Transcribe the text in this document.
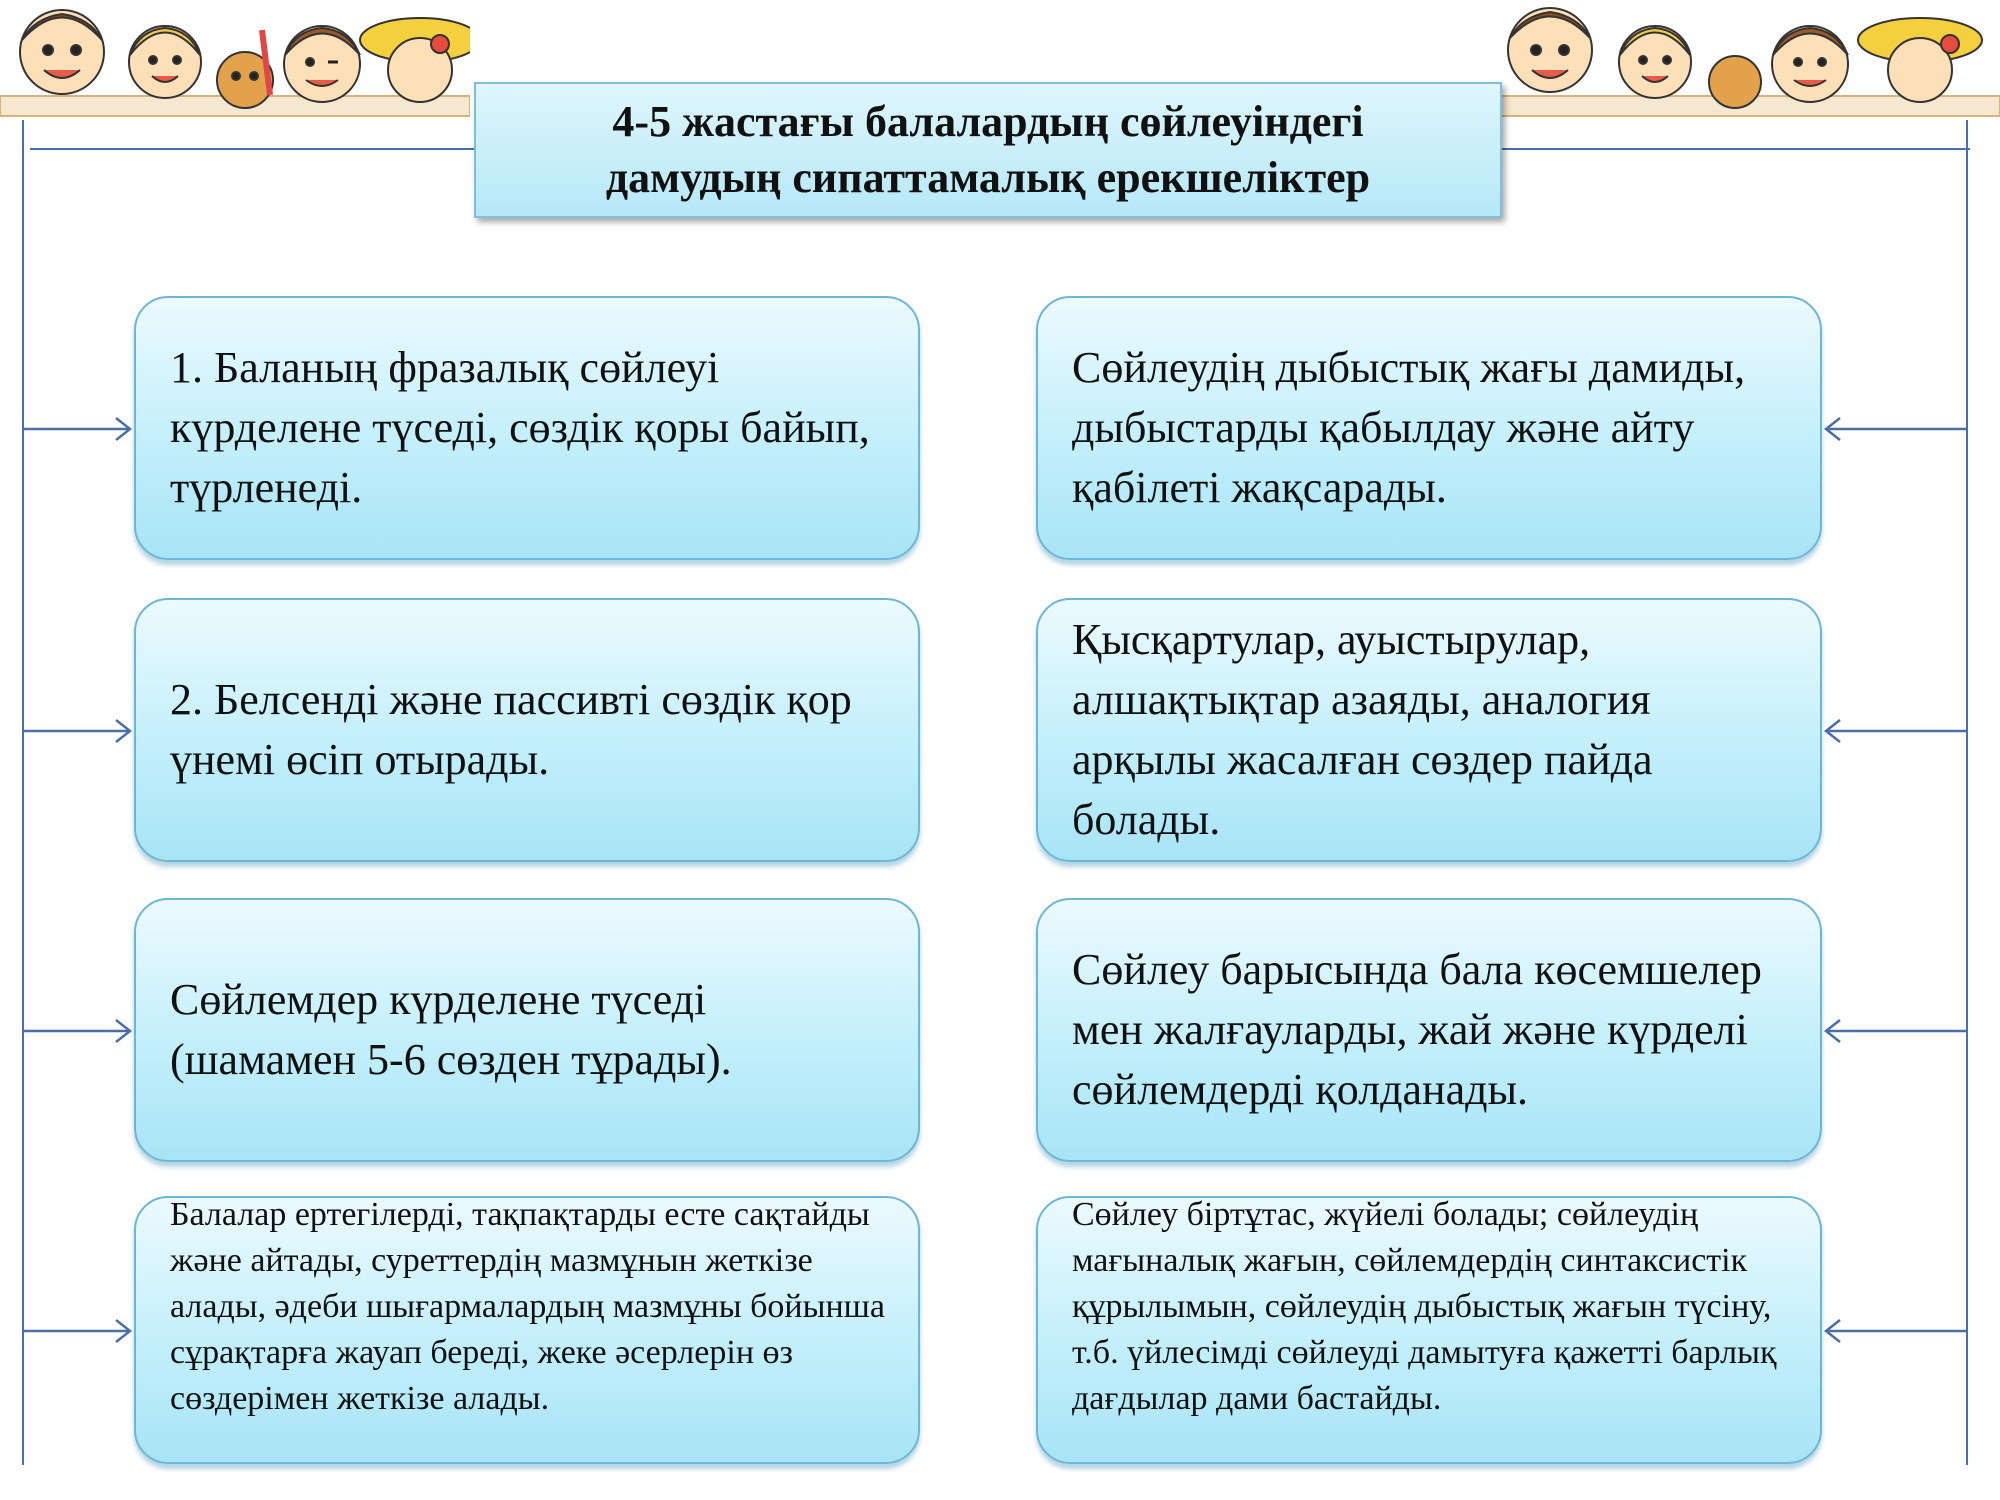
4-5 жастағы балалардың сөйлеуіндегі
дамудың сипаттамалық ерекшеліктер
1. Баланың фразалық сөйлеуі күрделене түседі, сөздік қоры байып, түрленеді.
2. Белсенді және пассивті сөздік қор үнемі өсіп отырады.
Сөйлемдер күрделене түседі (шамамен 5-6 сөзден тұрады).
Балалар ертегілерді, тақпақтарды есте сақтайды және айтады, суреттердің мазмұнын жеткізе алады, әдеби шығармалардың мазмұны бойынша сұрақтарға жауап береді, жеке әсерлерін өз сөздерімен жеткізе алады.
Сөйлеудің дыбыстық жағы дамиды, дыбыстарды қабылдау және айту қабілеті жақсарады.
Қысқартулар, ауыстырулар, алшақтықтар азаяды, аналогия арқылы жасалған сөздер пайда болады.
Сөйлеу барысында бала көсемшелер мен жалғауларды, жай және күрделі сөйлемдерді қолданады.
Сөйлеу біртұтас, жүйелі болады; сөйлеудің мағыналық жағын, сөйлемдердің синтаксистік құрылымын, сөйлеудің дыбыстық жағын түсіну, т.б. үйлесімді сөйлеуді дамытуға қажетті барлық дағдылар дами бастайды.
